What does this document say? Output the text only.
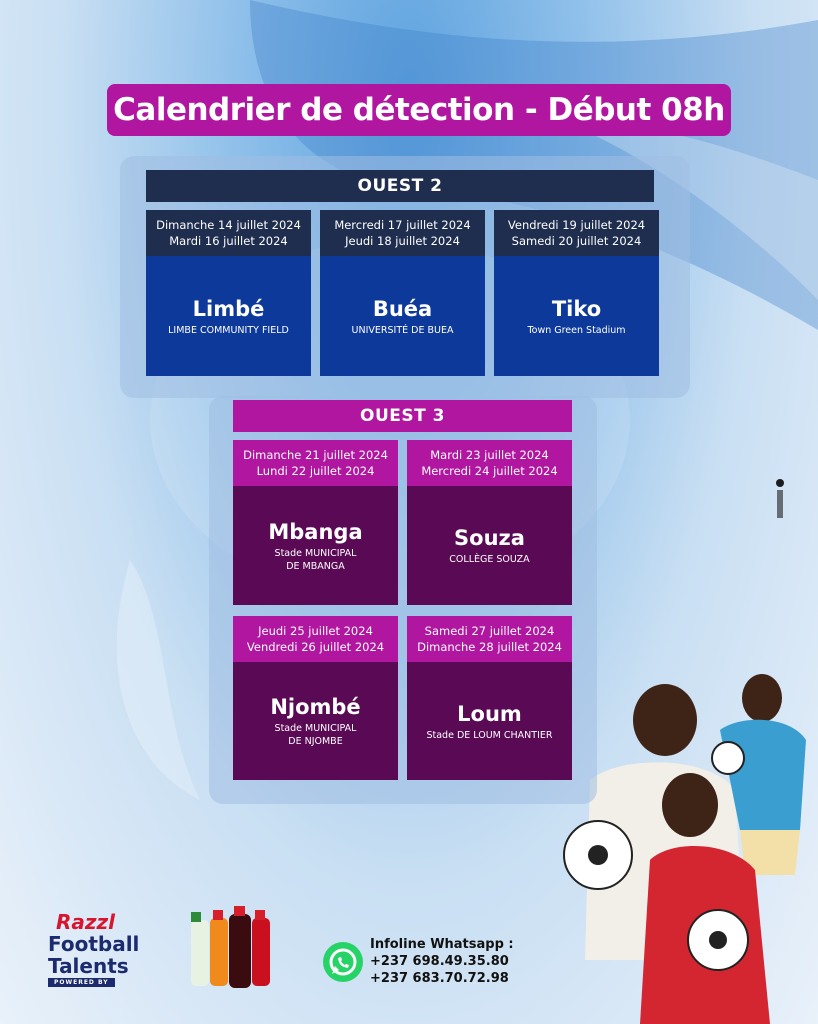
Calendrier de détection - Début 08h
OUEST 2
Dimanche 14 juillet 2024
Mardi 16 juillet 2024
Limbé
LIMBE COMMUNITY FIELD
Mercredi 17 juillet 2024
Jeudi 18 juillet 2024
Buéa
UNIVERSITÉ DE BUEA
Vendredi 19 juillet 2024
Samedi 20 juillet 2024
Tiko
Town Green Stadium
OUEST 3
Dimanche 21 juillet 2024
Lundi 22 juillet 2024
Mbanga
Stade MUNICIPAL
DE MBANGA
Mardi 23 juillet 2024
Mercredi 24 juillet 2024
Souza
COLLÈGE SOUZA
Jeudi 25 juillet 2024
Vendredi 26 juillet 2024
Njombé
Stade MUNICIPAL
DE NJOMBE
Samedi 27 juillet 2024
Dimanche 28 juillet 2024
Loum
Stade DE LOUM CHANTIER
Razzl
Football
Talents
POWERED BY
Infoline Whatsapp :
+237 698.49.35.80
+237 683.70.72.98
